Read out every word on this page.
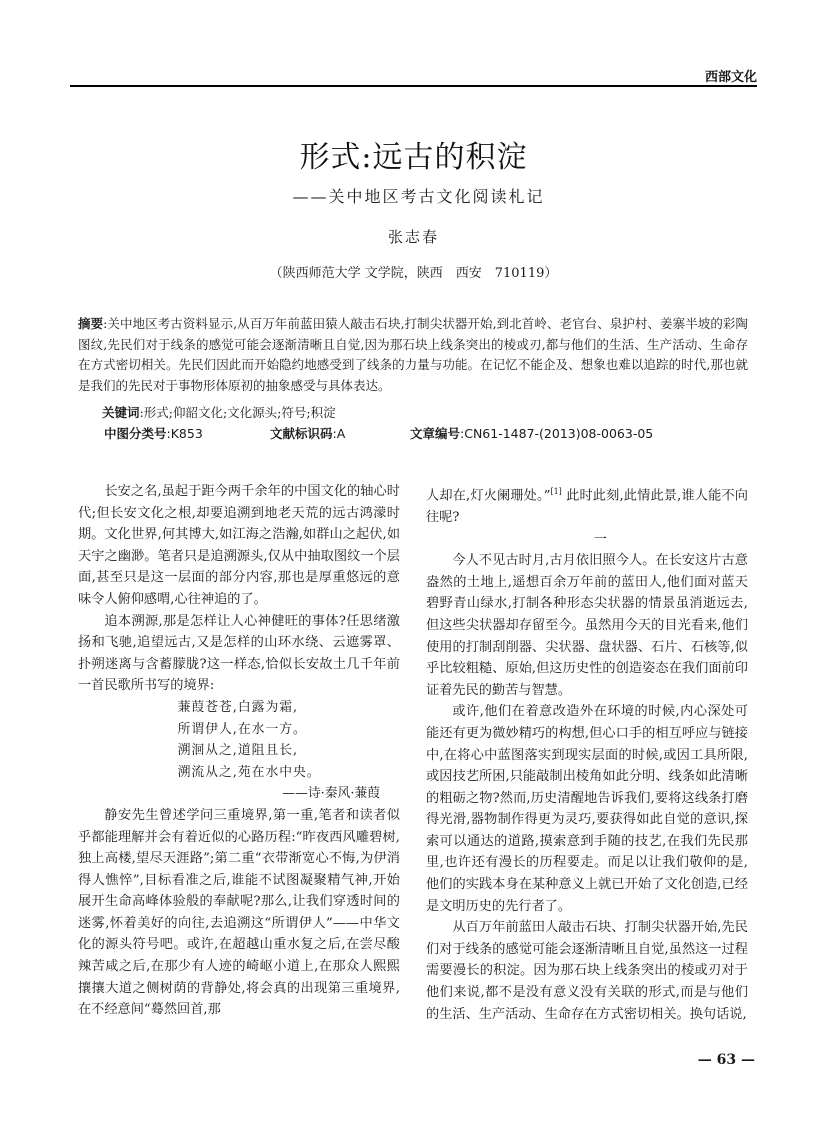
西部文化
形式:远古的积淀
——关中地区考古文化阅读札记
张志春
（陕西师范大学 文学院，陕西　西安　710119）
摘要:关中地区考古资料显示,从百万年前蓝田猿人敲击石块,打制尖状器开始,到北首岭、老官台、泉护村、姜寨半坡的彩陶图纹,先民们对于线条的感觉可能会逐渐清晰且自觉,因为那石块上线条突出的棱或刃,都与他们的生活、生产活动、生命存在方式密切相关。先民们因此而开始隐约地感受到了线条的力量与功能。在记忆不能企及、想象也难以追踪的时代,那也就是我们的先民对于事物形体原初的抽象感受与具体表达。
关键词:形式;仰韶文化;文化源头;符号;积淀
中图分类号:K853	文献标识码:A	文章编号:CN61-1487-(2013)08-0063-05

长安之名,虽起于距今两千余年的中国文化的轴心时代;但长安文化之根,却要追溯到地老天荒的远古鸿濛时期。文化世界,何其博大,如江海之浩瀚,如群山之起伏,如天宇之幽渺。笔者只是追溯源头,仅从中抽取图纹一个层面,甚至只是这一层面的部分内容,那也是厚重悠远的意味令人俯仰感喟,心往神追的了。

追本溯源,那是怎样让人心神健旺的事体?任思绪激扬和飞驰,追望远古,又是怎样的山环水绕、云遮雾罩、扑朔迷离与含蓄朦胧?这一样态,恰似长安故土几千年前一首民歌所书写的境界:

蒹葭苍苍,白露为霜,

所谓伊人,在水一方。

溯洄从之,道阻且长,

溯流从之,苑在水中央。

——诗·秦风·蒹葭

静安先生曾述学问三重境界,第一重,笔者和读者似乎都能理解并会有着近似的心路历程:“昨夜西风雕碧树,独上高楼,望尽天涯路”;第二重“衣带渐宽心不悔,为伊消得人憔悴”,目标看准之后,谁能不试图凝聚精气神,开始展开生命高峰体验般的奉献呢?那么,让我们穿透时间的迷雾,怀着美好的向往,去追溯这“所谓伊人”——中华文化的源头符号吧。或许,在超越山重水复之后,在尝尽酸辣苦咸之后,在那少有人迹的崎岖小道上,在那众人熙熙攘攘大道之侧树荫的背静处,将会真的出现第三重境界,在不经意间“蓦然回首,那

人却在,灯火阑珊处。”[1] 此时此刻,此情此景,谁人能不向往呢?

一

今人不见古时月,古月依旧照今人。在长安这片古意盎然的土地上,遥想百余万年前的蓝田人,他们面对蓝天碧野青山绿水,打制各种形态尖状器的情景虽消逝远去,但这些尖状器却存留至今。虽然用今天的目光看来,他们使用的打制刮削器、尖状器、盘状器、石片、石核等,似乎比较粗糙、原始,但这历史性的创造姿态在我们面前印证着先民的勤苦与智慧。

或许,他们在着意改造外在环境的时候,内心深处可能还有更为微妙精巧的构想,但心口手的相互呼应与链接中,在将心中蓝图落实到现实层面的时候,或因工具所限,或因技艺所困,只能敲制出棱角如此分明、线条如此清晰的粗砺之物?然而,历史清醒地告诉我们,要将这线条打磨得光滑,器物制作得更为灵巧,要获得如此自觉的意识,探索可以通达的道路,摸索意到手随的技艺,在我们先民那里,也许还有漫长的历程要走。而足以让我们敬仰的是,他们的实践本身在某种意义上就已开始了文化创造,已经是文明历史的先行者了。

从百万年前蓝田人敲击石块、打制尖状器开始,先民们对于线条的感觉可能会逐渐清晰且自觉,虽然这一过程需要漫长的积淀。因为那石块上线条突出的棱或刃对于他们来说,都不是没有意义没有关联的形式,而是与他们的生活、生产活动、生命存在方式密切相关。换句话说,

— 63 —
